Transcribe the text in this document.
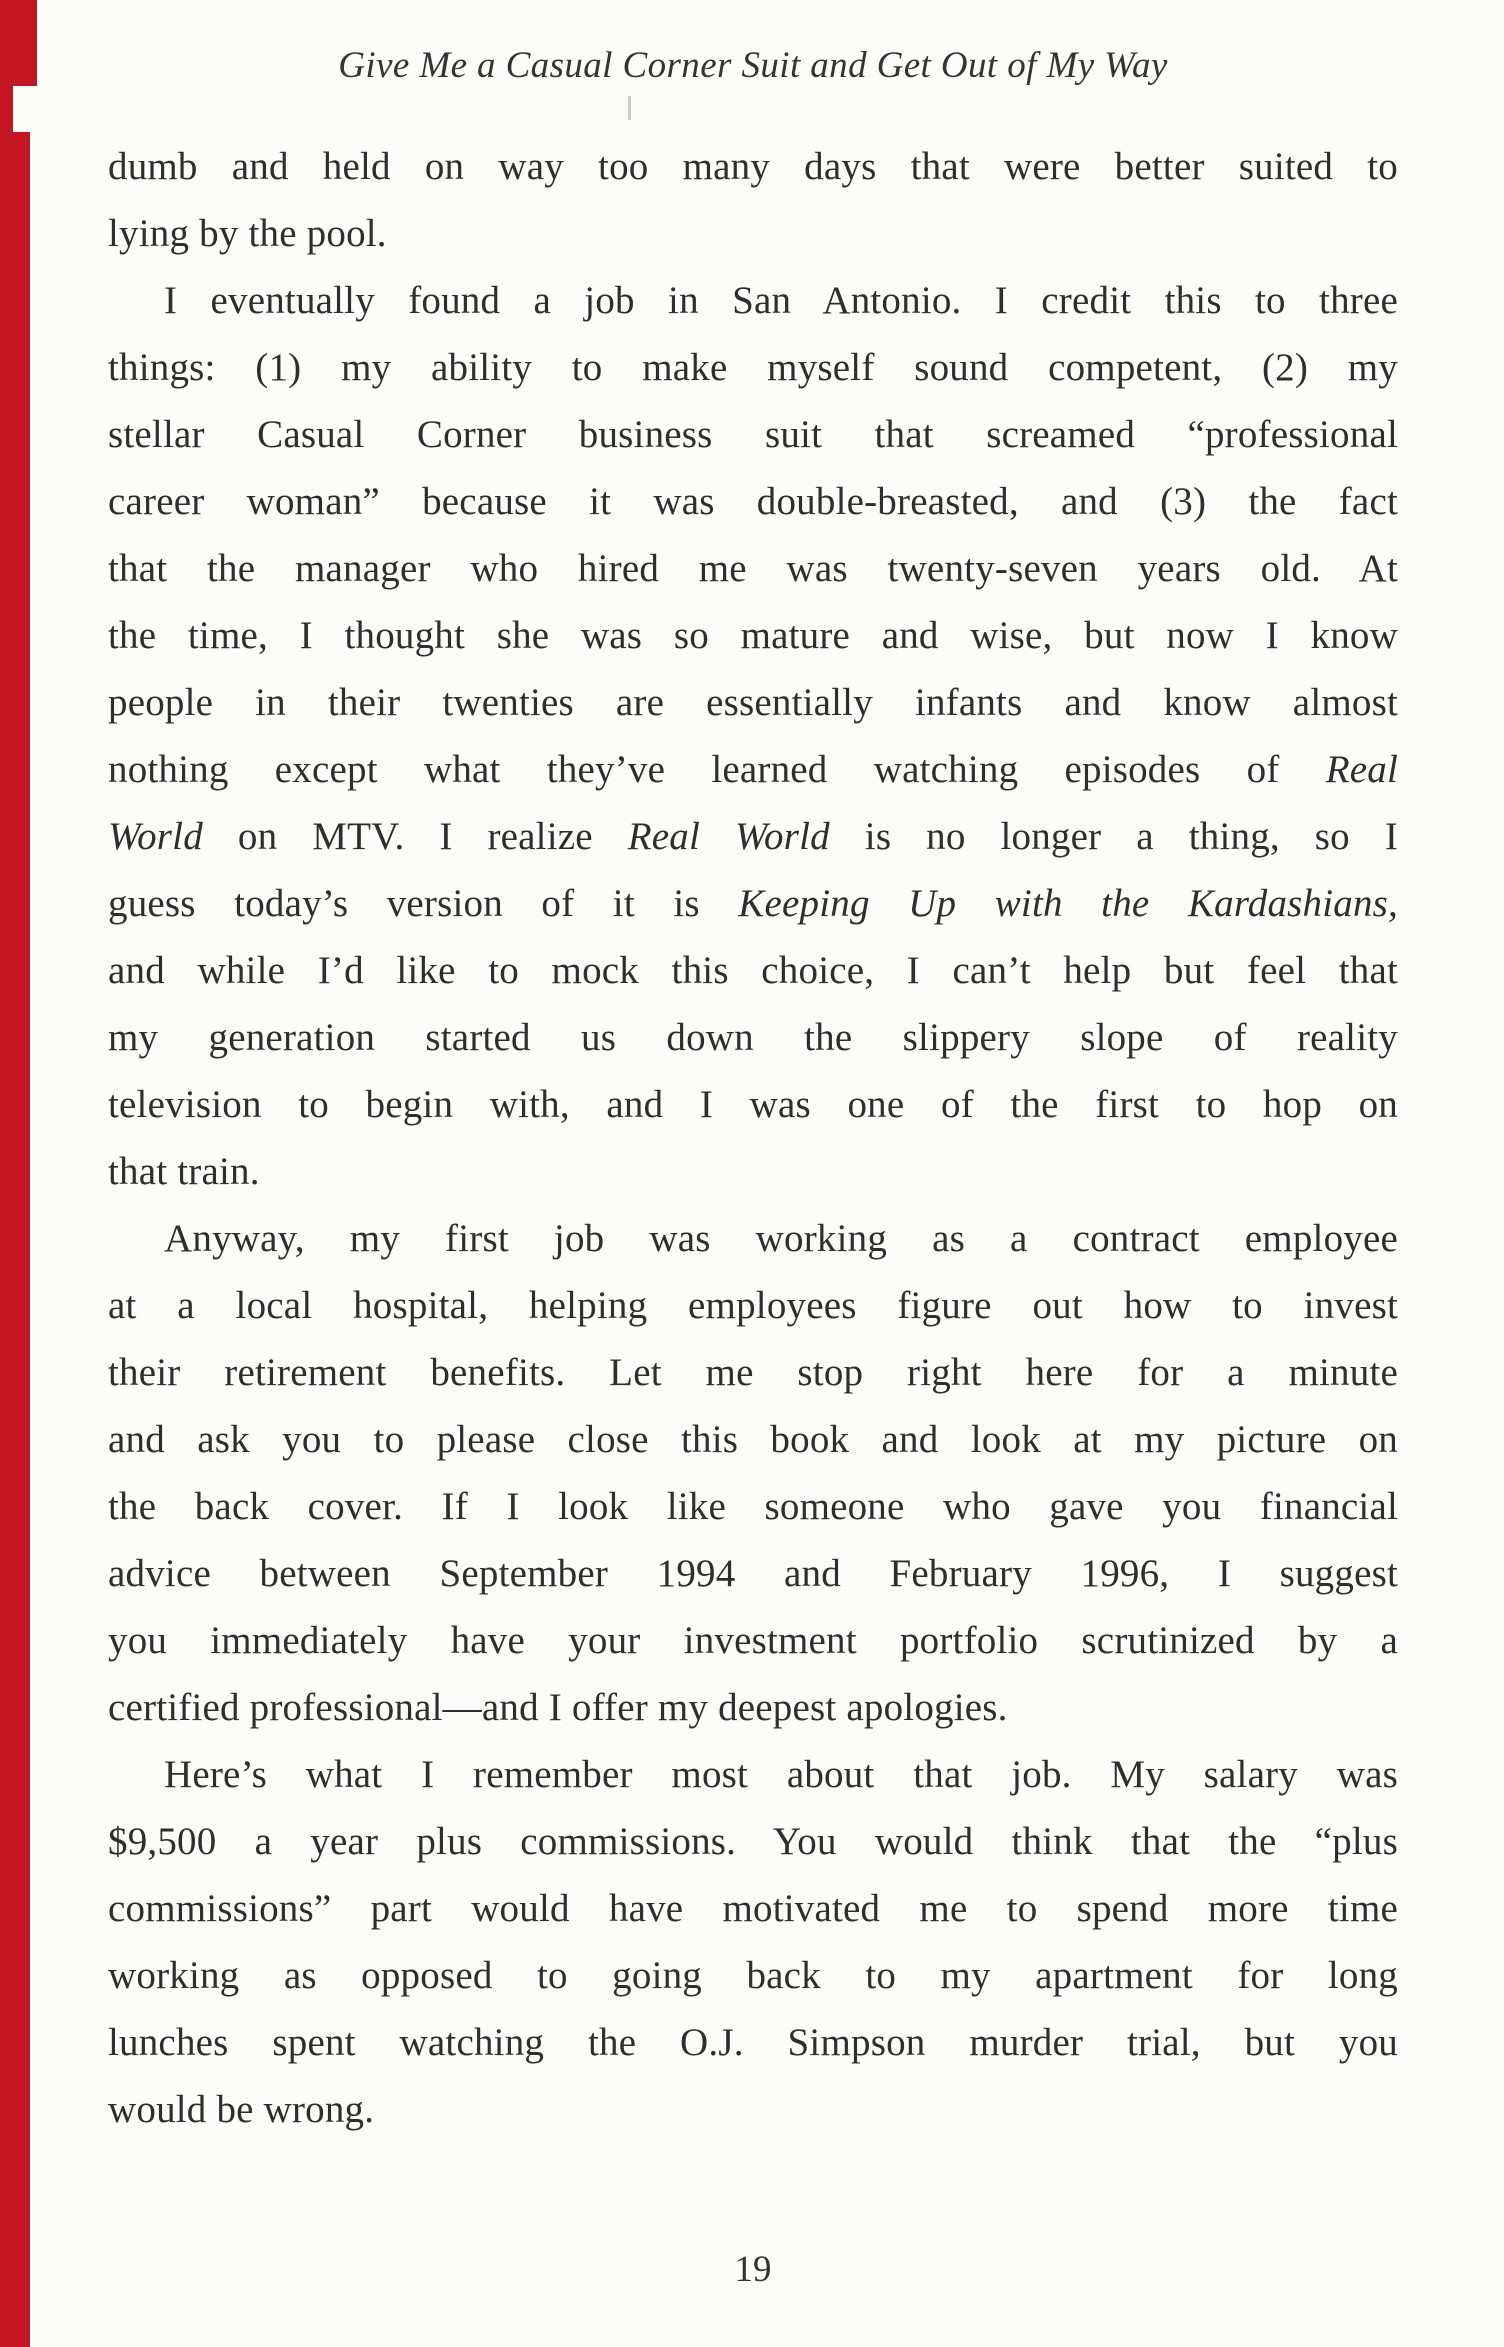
Give Me a Casual Corner Suit and Get Out of My Way
dumb and held on way too many days that were better suited to
lying by the pool.
I eventually found a job in San Antonio. I credit this to three
things: (1) my ability to make myself sound competent, (2) my
stellar Casual Corner business suit that screamed “professional
career woman” because it was double-breasted, and (3) the fact
that the manager who hired me was twenty-seven years old. At
the time, I thought she was so mature and wise, but now I know
people in their twenties are essentially infants and know almost
nothing except what they’ve learned watching episodes of Real
World on MTV. I realize Real World is no longer a thing, so I
guess today’s version of it is Keeping Up with the Kardashians,
and while I’d like to mock this choice, I can’t help but feel that
my generation started us down the slippery slope of reality
television to begin with, and I was one of the first to hop on
that train.
Anyway, my first job was working as a contract employee
at a local hospital, helping employees figure out how to invest
their retirement benefits. Let me stop right here for a minute
and ask you to please close this book and look at my picture on
the back cover. If I look like someone who gave you financial
advice between September 1994 and February 1996, I suggest
you immediately have your investment portfolio scrutinized by a
certified professional—and I offer my deepest apologies.
Here’s what I remember most about that job. My salary was
$9,500 a year plus commissions. You would think that the “plus
commissions” part would have motivated me to spend more time
working as opposed to going back to my apartment for long
lunches spent watching the O.J. Simpson murder trial, but you
would be wrong.
19
